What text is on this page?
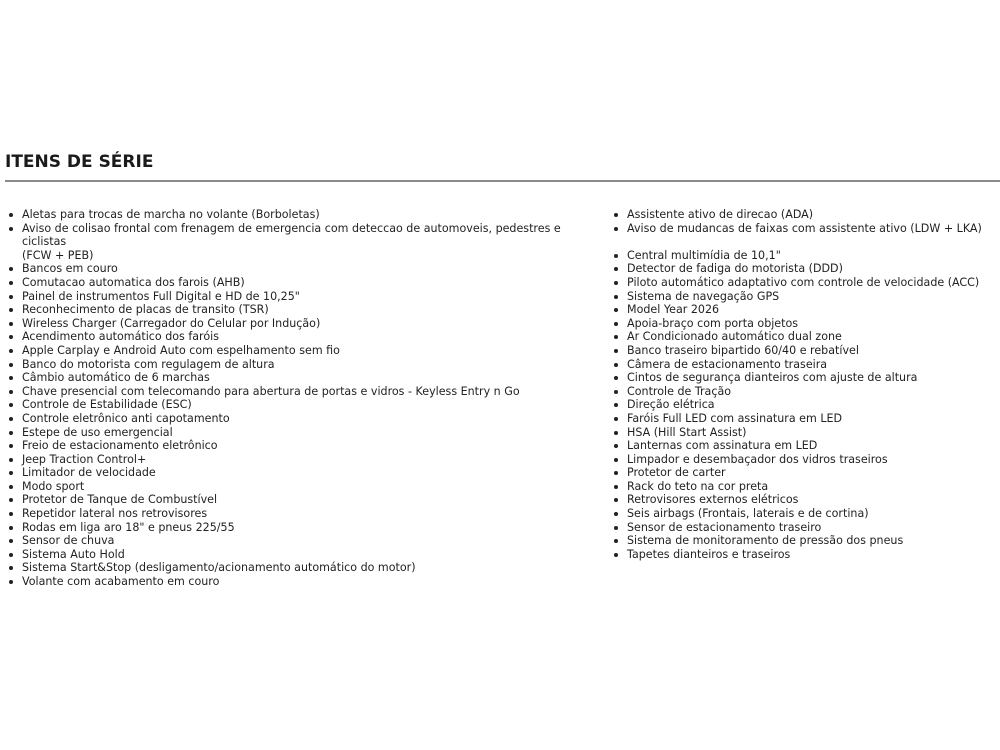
ITENS DE SÉRIE
Aletas para trocas de marcha no volante (Borboletas)
Aviso de colisao frontal com frenagem de emergencia com deteccao de automoveis, pedestres e ciclistas
(FCW + PEB)
Bancos em couro
Comutacao automatica dos farois (AHB)
Painel de instrumentos Full Digital e HD de 10,25"
Reconhecimento de placas de transito (TSR)
Wireless Charger (Carregador do Celular por Indução)
Acendimento automático dos faróis
Apple Carplay e Android Auto com espelhamento sem fio
Banco do motorista com regulagem de altura
Câmbio automático de 6 marchas
Chave presencial com telecomando para abertura de portas e vidros - Keyless Entry n Go
Controle de Estabilidade (ESC)
Controle eletrônico anti capotamento
Estepe de uso emergencial
Freio de estacionamento eletrônico
Jeep Traction Control+
Limitador de velocidade
Modo sport
Protetor de Tanque de Combustível
Repetidor lateral nos retrovisores
Rodas em liga aro 18" e pneus 225/55
Sensor de chuva
Sistema Auto Hold
Sistema Start&Stop (desligamento/acionamento automático do motor)
Volante com acabamento em couro
Assistente ativo de direcao (ADA)
Aviso de mudancas de faixas com assistente ativo (LDW + LKA)
Central multimídia de 10,1"
Detector de fadiga do motorista (DDD)
Piloto automático adaptativo com controle de velocidade (ACC)
Sistema de navegação GPS
Model Year 2026
Apoia-braço com porta objetos
Ar Condicionado automático dual zone
Banco traseiro bipartido 60/40 e rebatível
Câmera de estacionamento traseira
Cintos de segurança dianteiros com ajuste de altura
Controle de Tração
Direção elétrica
Faróis Full LED com assinatura em LED
HSA (Hill Start Assist)
Lanternas com assinatura em LED
Limpador e desembaçador dos vidros traseiros
Protetor de carter
Rack do teto na cor preta
Retrovisores externos elétricos
Seis airbags (Frontais, laterais e de cortina)
Sensor de estacionamento traseiro
Sistema de monitoramento de pressão dos pneus
Tapetes dianteiros e traseiros
